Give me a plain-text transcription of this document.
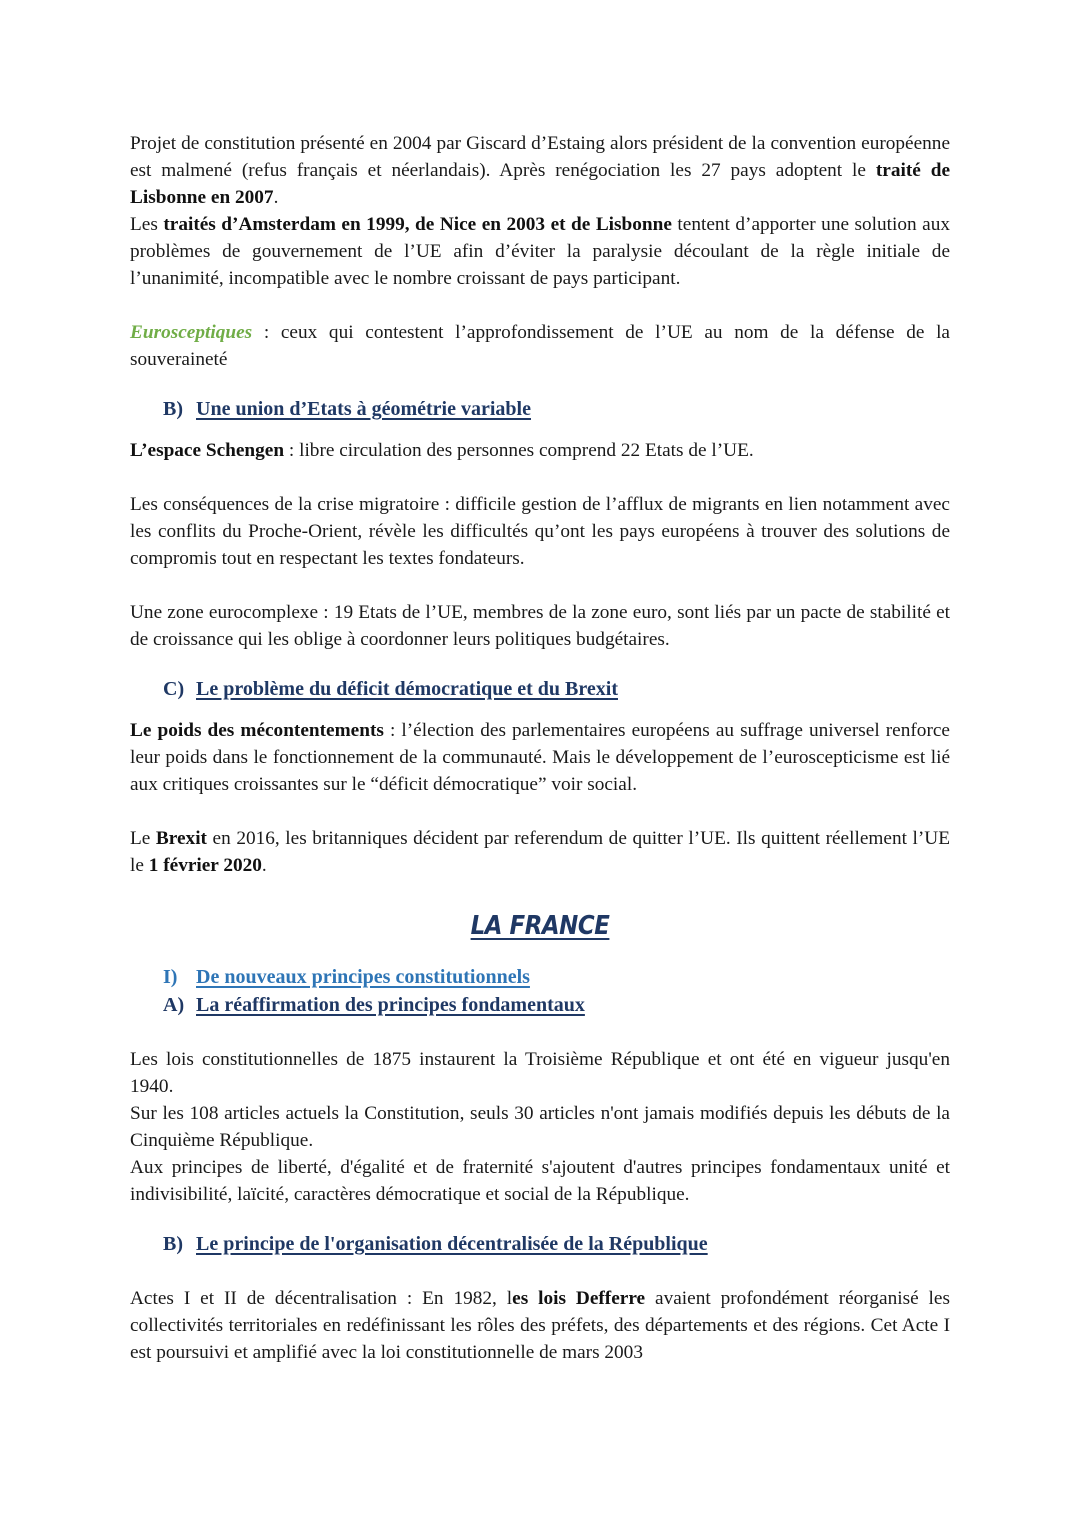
Projet de constitution présenté en 2004 par Giscard d’Estaing alors président de la convention européenne est malmené (refus français et néerlandais). Après renégociation les 27 pays adoptent le traité de Lisbonne en 2007.

Les traités d’Amsterdam en 1999, de Nice en 2003 et de Lisbonne tentent d’apporter une solution aux problèmes de gouvernement de l’UE afin d’éviter la paralysie découlant de la règle initiale de l’unanimité, incompatible avec le nombre croissant de pays participant.

Eurosceptiques : ceux qui contestent l’approfondissement de l’UE au nom de la défense de la souveraineté

B) Une union d’Etats à géométrie variable

L’espace Schengen : libre circulation des personnes comprend 22 Etats de l’UE.

Les conséquences de la crise migratoire : difficile gestion de l’afflux de migrants en lien notamment avec les conflits du Proche-Orient, révèle les difficultés qu’ont les pays européens à trouver des solutions de compromis tout en respectant les textes fondateurs.

Une zone eurocomplexe : 19 Etats de l’UE, membres de la zone euro, sont liés par un pacte de stabilité et de croissance qui les oblige à coordonner leurs politiques budgétaires.

C) Le problème du déficit démocratique et du Brexit

Le poids des mécontentements : l’élection des parlementaires européens au suffrage universel renforce leur poids dans le fonctionnement de la communauté. Mais le développement de l’euroscepticisme est lié aux critiques croissantes sur le “déficit démocratique” voir social.

Le Brexit en 2016, les britanniques décident par referendum de quitter l’UE. Ils quittent réellement l’UE le 1 février 2020.

LA FRANCE
I) De nouveaux principes constitutionnels
A) La réaffirmation des principes fondamentaux

Les lois constitutionnelles de 1875 instaurent la Troisième République et ont été en vigueur jusqu'en 1940.

Sur les 108 articles actuels la Constitution, seuls 30 articles n'ont jamais modifiés depuis les débuts de la Cinquième République.

Aux principes de liberté, d'égalité et de fraternité s'ajoutent d'autres principes fondamentaux unité et indivisibilité, laïcité, caractères démocratique et social de la République.

B) Le principe de l'organisation décentralisée de la République

Actes I et II de décentralisation : En 1982, les lois Defferre avaient profondément réorganisé les collectivités territoriales en redéfinissant les rôles des préfets, des départements et des régions. Cet Acte I est poursuivi et amplifié avec la loi constitutionnelle de mars 2003
